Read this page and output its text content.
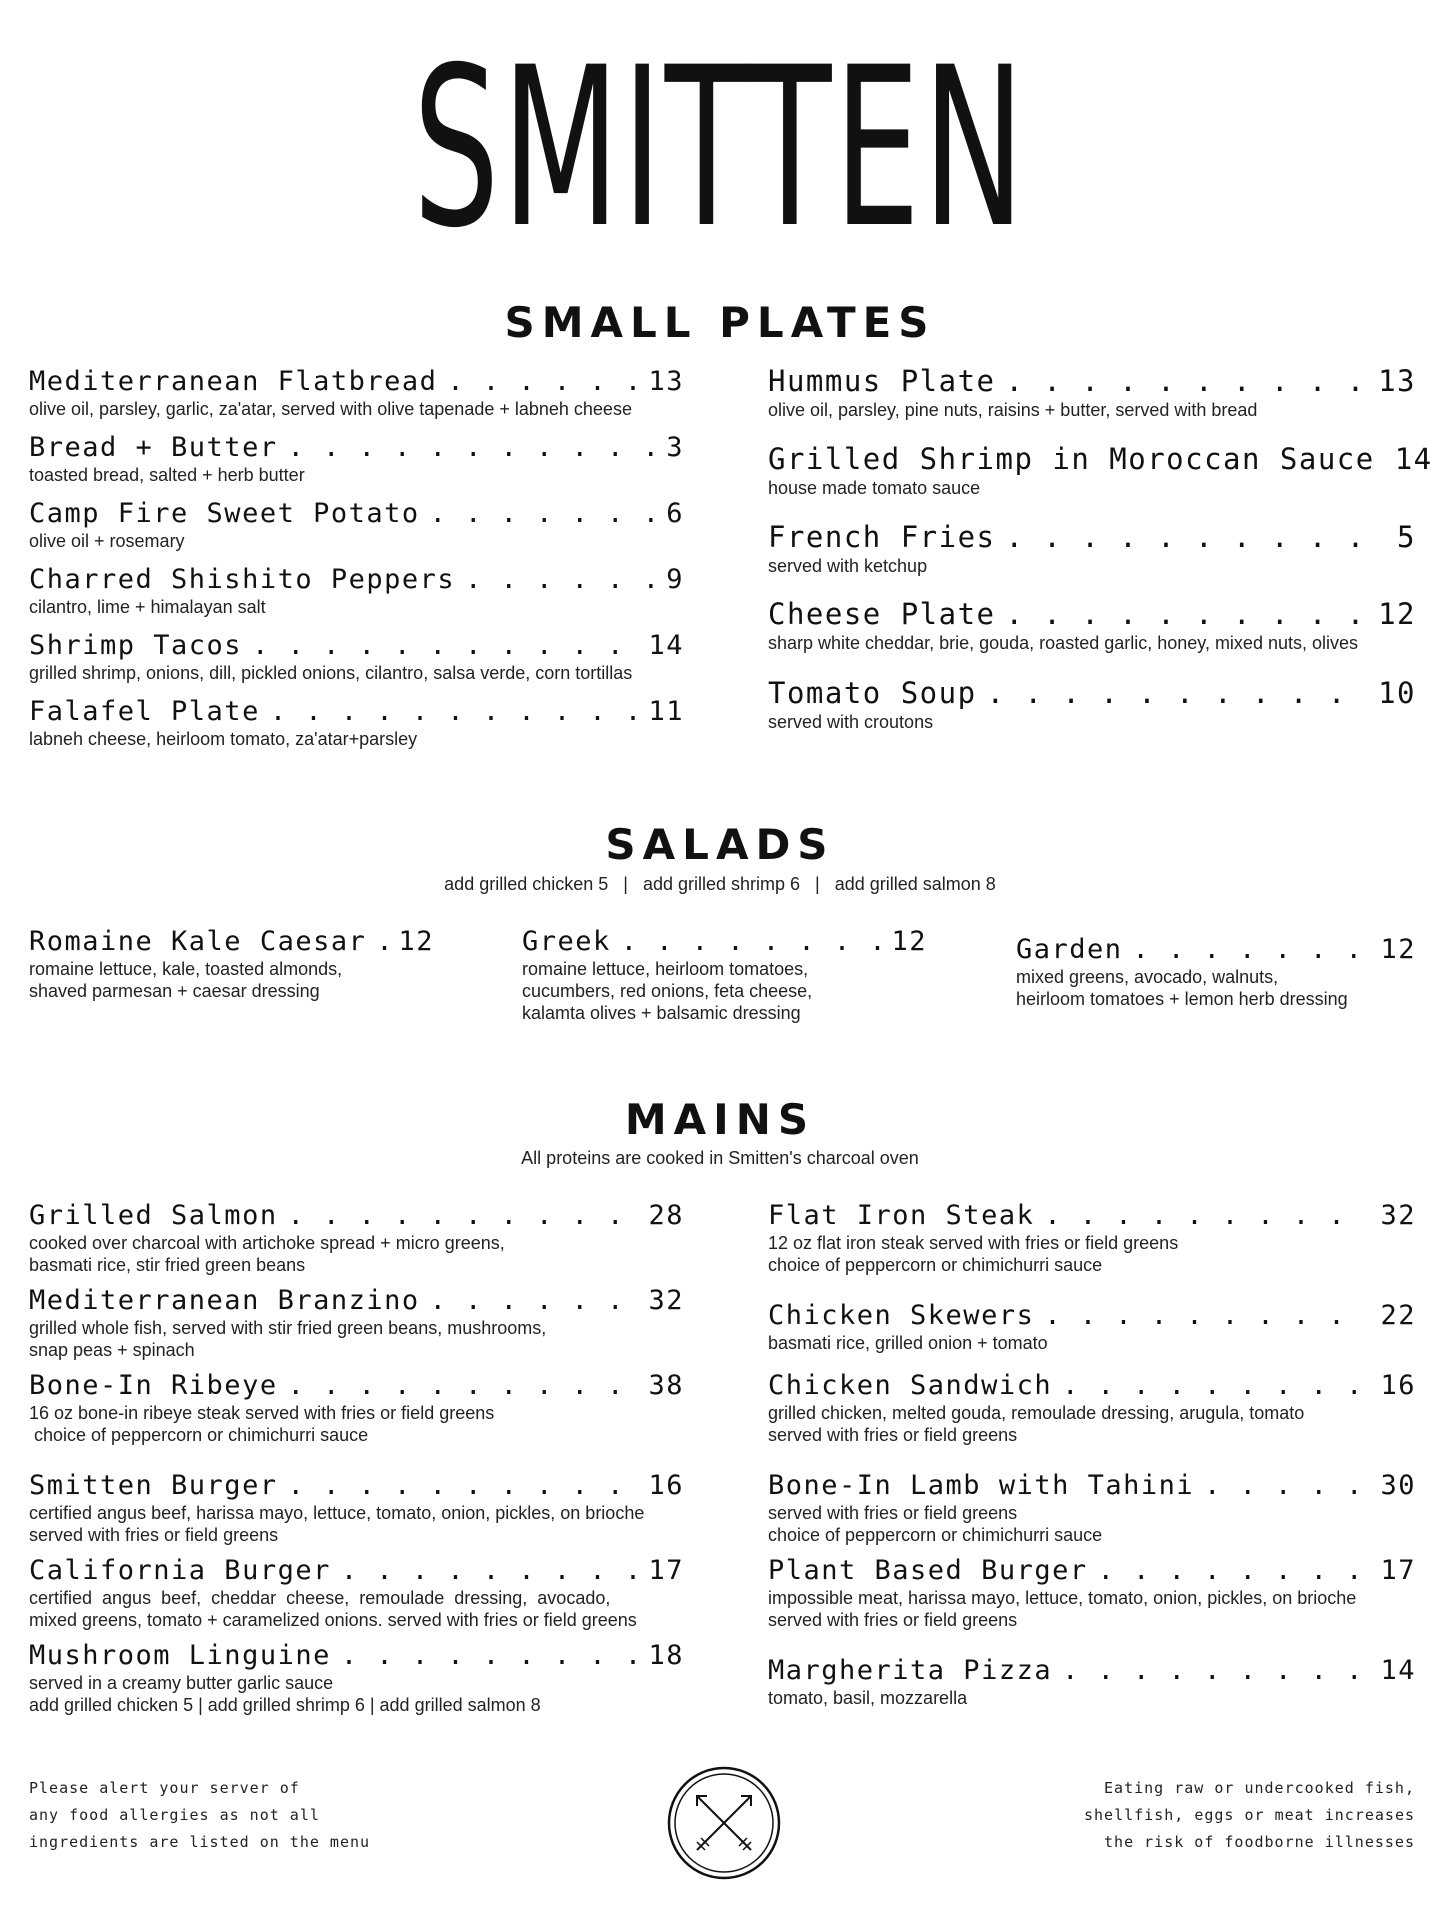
SMITTEN
SMALL PLATES
Mediterranean Flatbread . . .	13
olive oil, parsley, garlic, za'atar, served with olive tapenade + labneh cheese
Bread + Butter . . .	3
toasted bread, salted + herb butter
Camp Fire Sweet Potato . . .	6
olive oil + rosemary
Charred Shishito Peppers . . .	9
cilantro, lime + himalayan salt
Shrimp Tacos . . .	14
grilled shrimp, onions, dill, pickled onions, cilantro, salsa verde, corn tortillas
Falafel Plate . . .	11
labneh cheese, heirloom tomato, za'atar+parsley
Hummus Plate . . .	13
olive oil, parsley, pine nuts, raisins + butter, served with bread
Grilled Shrimp in Moroccan Sauce 14
house made tomato sauce
French Fries . . .	5
served with ketchup
Cheese Plate . . .	12
sharp white cheddar, brie, gouda, roasted garlic, honey, mixed nuts, olives
Tomato Soup . . .	10
served with croutons
SALADS
add grilled chicken 5   |   add grilled shrimp 6   |   add grilled salmon 8
Romaine Kale Caesar . . . 12
romaine lettuce, kale, toasted almonds,
shaved parmesan + caesar dressing
Greek . . .	12
romaine lettuce, heirloom tomatoes,
cucumbers, red onions, feta cheese,
kalamta olives + balsamic dressing
Garden . . .	12
mixed greens, avocado, walnuts,
heirloom tomatoes + lemon herb dressing
MAINS
All proteins are cooked in Smitten's charcoal oven
Grilled Salmon . . .	28
cooked over charcoal with artichoke spread + micro greens,
basmati rice, stir fried green beans
Mediterranean Branzino . . .	32
grilled whole fish, served with stir fried green beans, mushrooms,
snap peas + spinach
Bone-In Ribeye . . .	38
16 oz bone-in ribeye steak served with fries or field greens
choice of peppercorn or chimichurri sauce
Smitten Burger . . .	16
certified angus beef, harissa mayo, lettuce, tomato, onion, pickles, on brioche
served with fries or field greens
California Burger . . .	17
certified  angus  beef,  cheddar  cheese,  remoulade  dressing,  avocado,
mixed greens, tomato + caramelized onions. served with fries or field greens
Mushroom Linguine . . .	18
served in a creamy butter garlic sauce
add grilled chicken 5 | add grilled shrimp 6 | add grilled salmon 8
Flat Iron Steak . . .	32
12 oz flat iron steak served with fries or field greens
choice of peppercorn or chimichurri sauce
Chicken Skewers . . .	22
basmati rice, grilled onion + tomato
Chicken Sandwich . . .	16
grilled chicken, melted gouda, remoulade dressing, arugula, tomato
served with fries or field greens
Bone-In Lamb with Tahini . . .	30
served with fries or field greens
choice of peppercorn or chimichurri sauce
Plant Based Burger . . .	17
impossible meat, harissa mayo, lettuce, tomato, onion, pickles, on brioche
served with fries or field greens
Margherita Pizza . . .	14
tomato, basil, mozzarella
Please alert your server of
any food allergies as not all
ingredients are listed on the menu
Eating raw or undercooked fish,
shellfish, eggs or meat increases
the risk of foodborne illnesses
